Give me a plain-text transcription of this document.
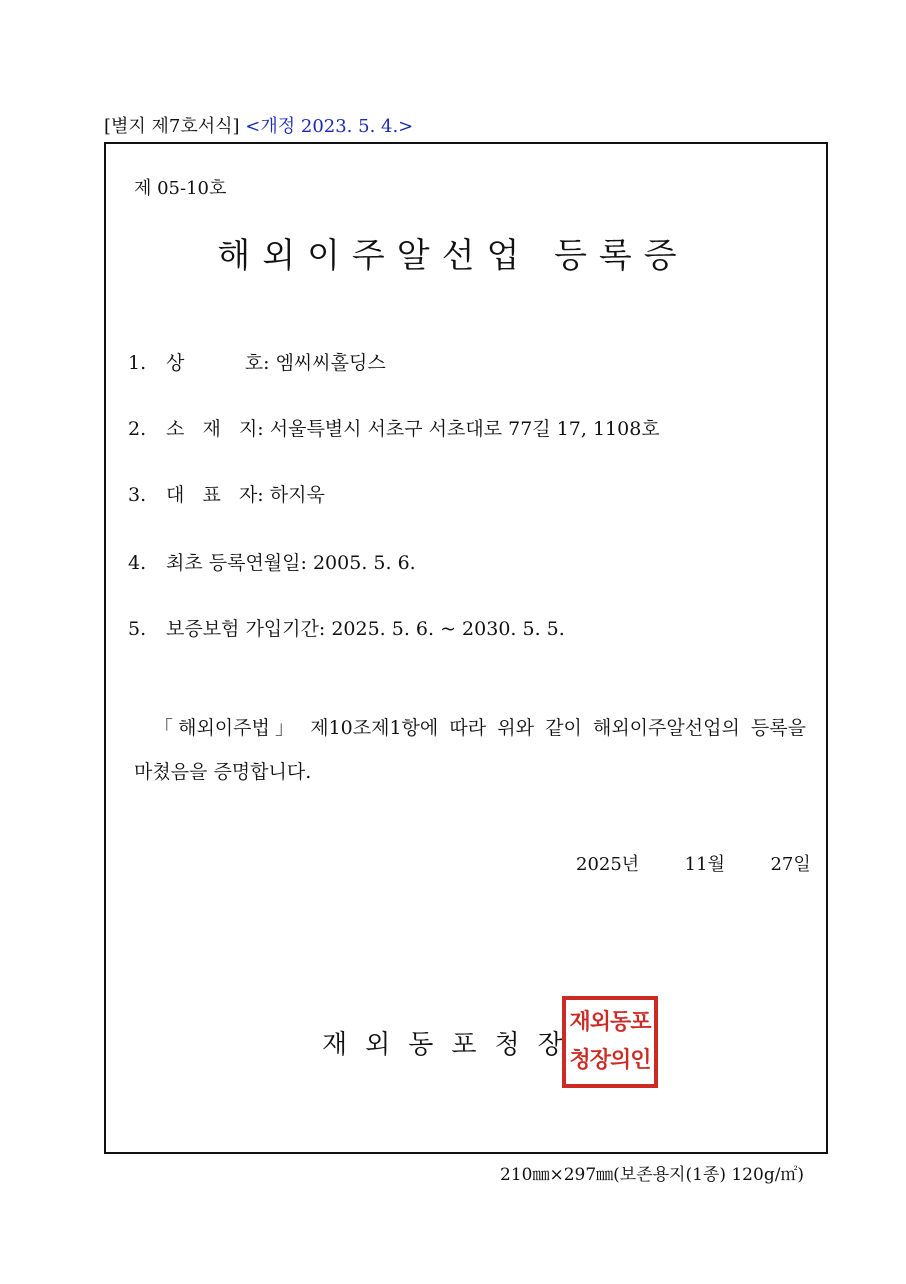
[별지 제7호서식] <개정 2023. 5. 4.>
제 05-10호
해외이주알선업 등록증
1. 상          호: 엠씨씨홀딩스
2. 소   재   지: 서울특별시 서초구 서초대로 77길 17, 1108호
3. 대   표   자: 하지욱
4. 최초 등록연월일: 2005. 5. 6.
5. 보증보험 가입기간: 2025. 5. 6. ~ 2030. 5. 5.
「해외이주법」 제10조제1항에 따라 위와 같이 해외이주알선업의 등록을
마쳤음을 증명합니다.
2025년	11월	27일
재외동포청장
재외동포
청장의인
210㎜×297㎜(보존용지(1종) 120g/㎡)
